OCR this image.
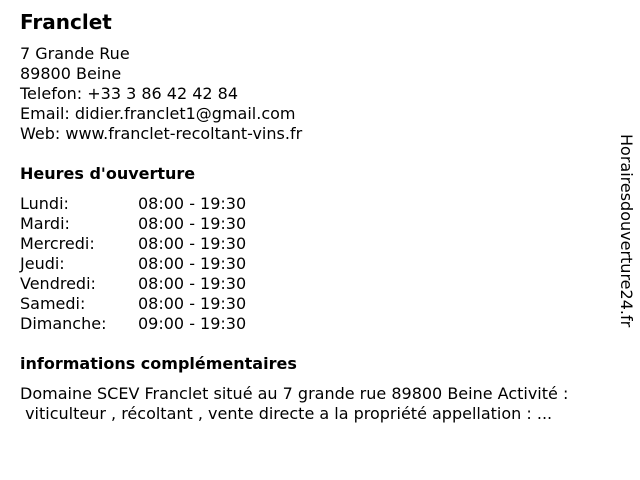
Franclet
7 Grande Rue
89800 Beine
Telefon: +33 3 86 42 42 84
Email: didier.franclet1@gmail.com
Web: www.franclet-recoltant-vins.fr
Heures d'ouverture
Lundi:	08:00 - 19:30
Mardi:	08:00 - 19:30
Mercredi:	08:00 - 19:30
Jeudi:	08:00 - 19:30
Vendredi:	08:00 - 19:30
Samedi:	08:00 - 19:30
Dimanche:	09:00 - 19:30
informations complémentaires
Domaine SCEV Franclet situé au 7 grande rue 89800 Beine Activité :
viticulteur , récoltant , vente directe a la propriété appellation : ...
Horairesdouverture24.fr
